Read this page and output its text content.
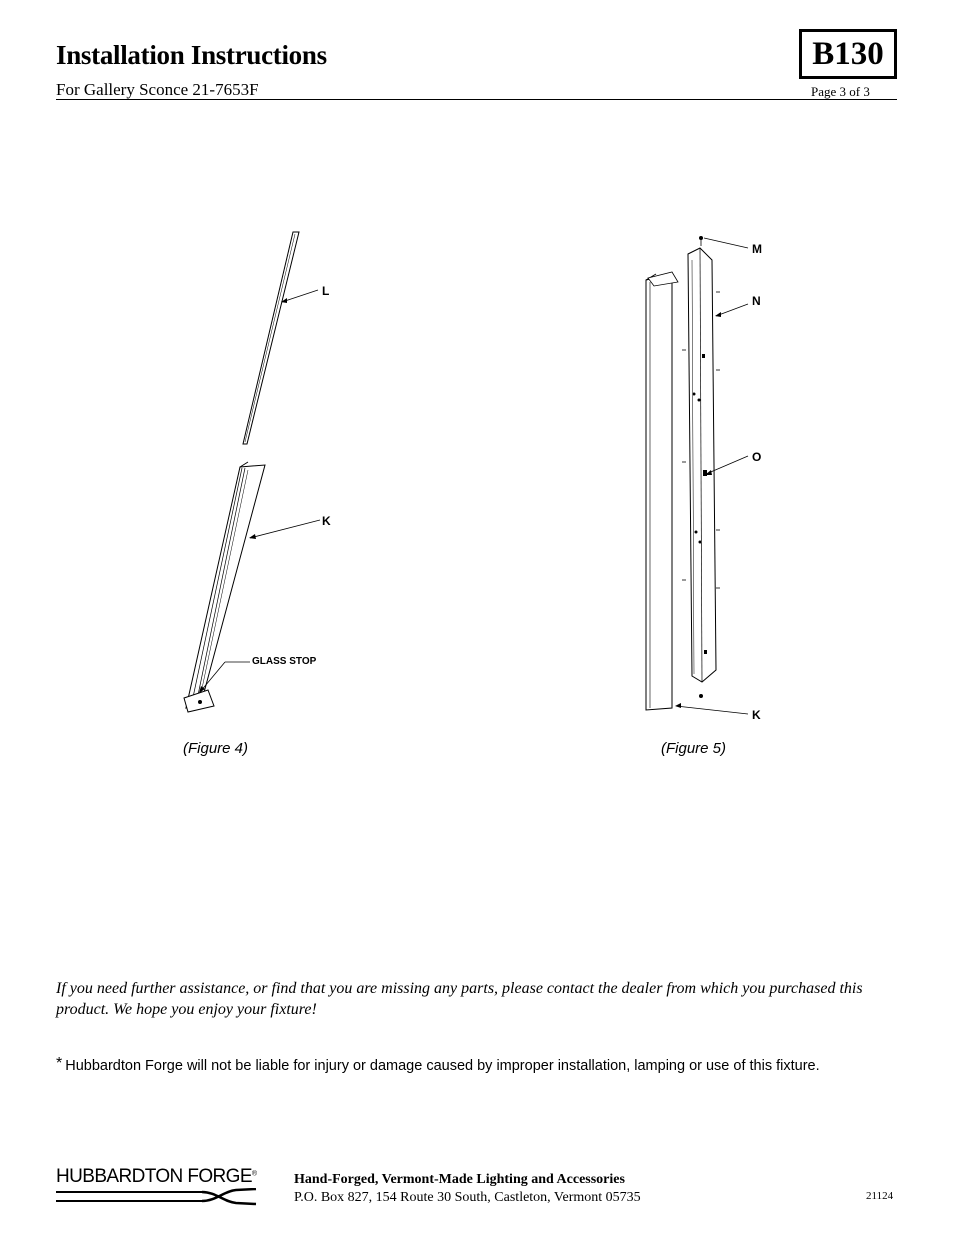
Installation Instructions	B130
For Gallery Sconce 21-7653F	Page 3 of 3
L
K
GLASS STOP
(Figure 4)
M
N
O
K
(Figure 5)
If you need further assistance, or find that you are missing any parts, please contact the dealer from which you purchased this product. We hope you enjoy your fixture!
* Hubbardton Forge will not be liable for injury or damage caused by improper installation, lamping or use of this fixture.
HUBBARDTON FORGE®	Hand-Forged, Vermont-Made Lighting and Accessories
P.O. Box 827, 154 Route 30 South, Castleton, Vermont 05735	21124
